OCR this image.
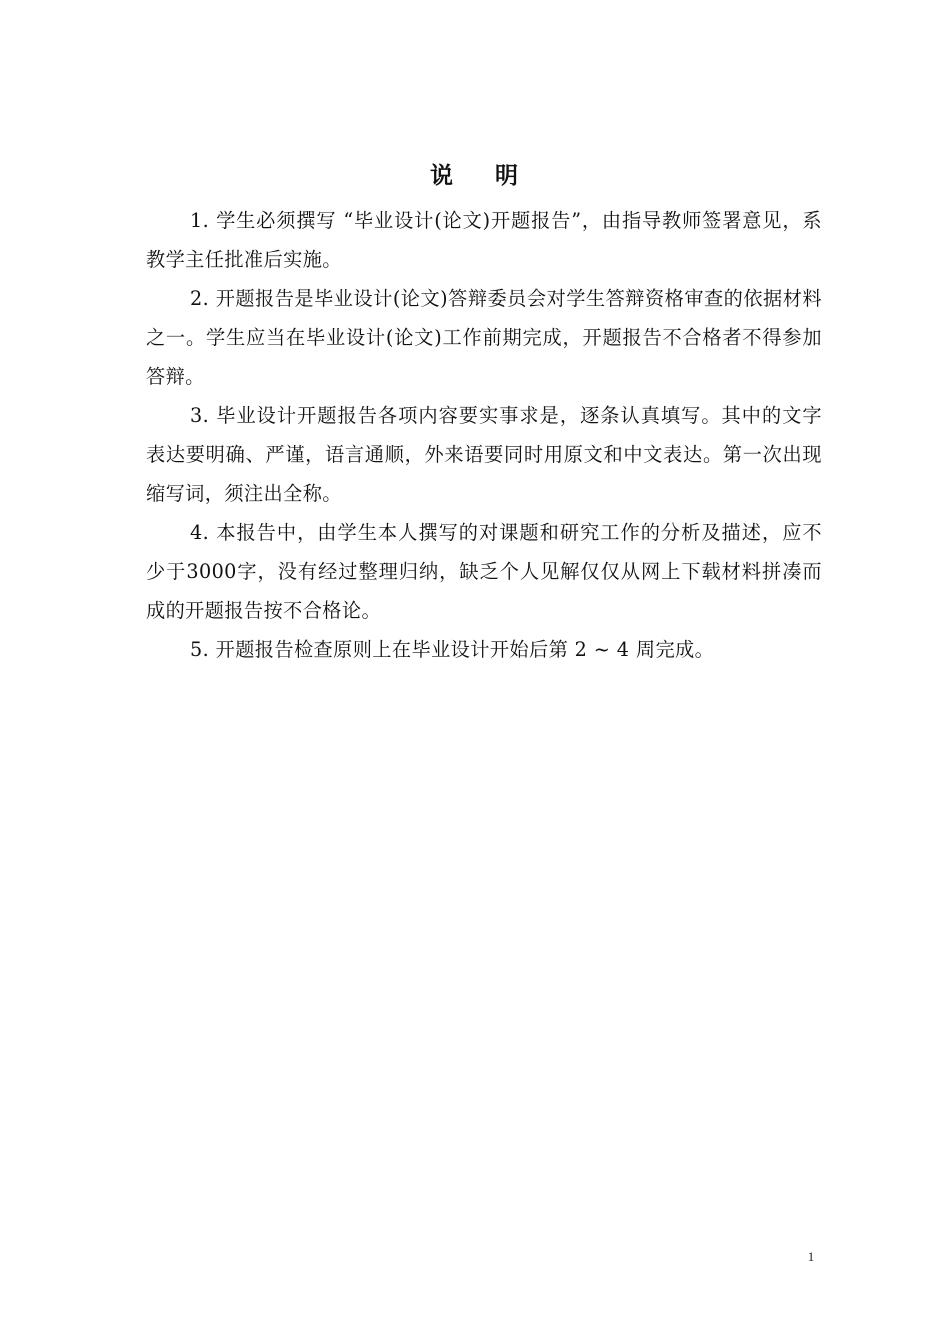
说 明

1. 学生必须撰写 “毕业设计(论文)开题报告”，由指导教师签署意见，系教学主任批准后实施。

2. 开题报告是毕业设计(论文)答辩委员会对学生答辩资格审查的依据材料之一。学生应当在毕业设计(论文)工作前期完成，开题报告不合格者不得参加答辩。

3. 毕业设计开题报告各项内容要实事求是，逐条认真填写。其中的文字表达要明确、严谨，语言通顺，外来语要同时用原文和中文表达。第一次出现缩写词，须注出全称。

4. 本报告中，由学生本人撰写的对课题和研究工作的分析及描述，应不少于3000字，没有经过整理归纳，缺乏个人见解仅仅从网上下载材料拼凑而成的开题报告按不合格论。

5. 开题报告检查原则上在毕业设计开始后第 2 ~ 4 周完成。

1
